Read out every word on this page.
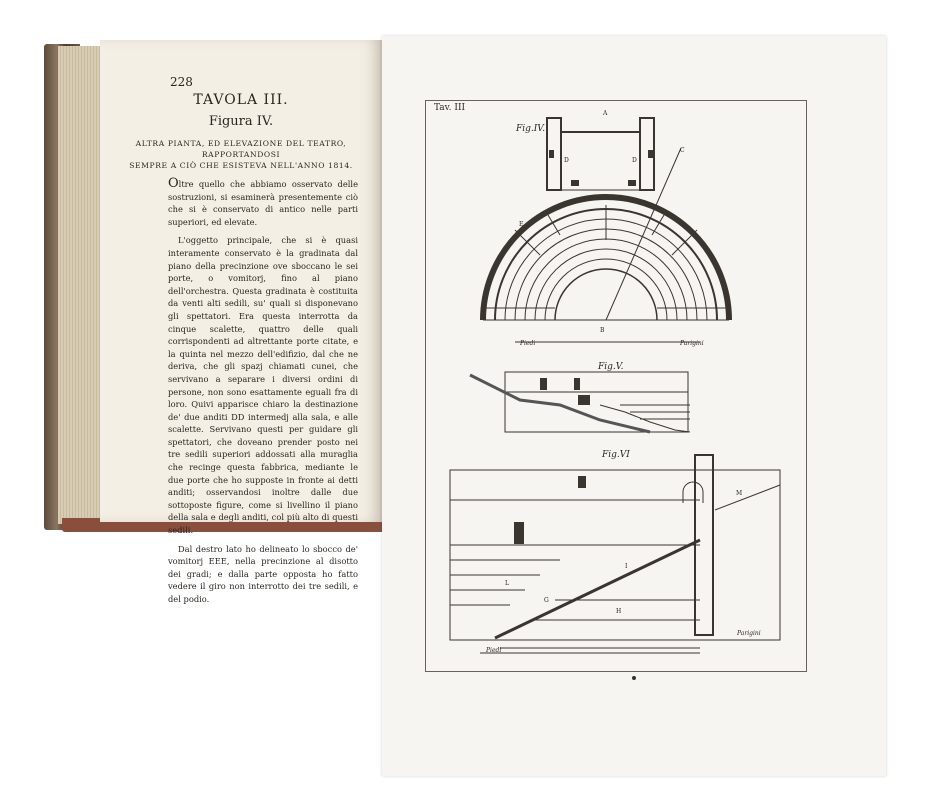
228
TAVOLA III.
Figura IV.
ALTRA PIANTA, ED ELEVAZIONE DEL TEATRO, RAPPORTANDOSI
SEMPRE A CIÒ CHE ESISTEVA NELL'ANNO 1814.

Oltre quello che abbiamo osservato delle sostruzioni, si esaminerà presentemente ciò che si è conservato di antico nelle parti superiori, ed elevate.

L'oggetto principale, che si è quasi interamente conservato è la gradinata dal piano della precinzione ove sboccano le sei porte, o vomitorj, fino al piano dell'orchestra. Questa gradinata è costituita da venti alti sedili, su' quali si disponevano gli spettatori. Era questa interrotta da cinque scalette, quattro delle quali corrispondenti ad altrettante porte citate, e la quinta nel mezzo dell'edifizio, dal che ne deriva, che gli spazj chiamati cunei, che servivano a separare i diversi ordini di persone, non sono esattamente eguali fra di loro. Quivi apparisce chiaro la destinazione de' due anditi DD intermedj alla sala, e alle scalette. Servivano questi per guidare gli spettatori, che doveano prender posto nei tre sedili superiori addossati alla muraglia che recinge questa fabbrica, mediante le due porte che ho supposte in fronte ai detti anditi; osservandosi inoltre dalle due sottoposte figure, come si livellino il piano della sala e degli anditi, col più alto di questi sedili.

Dal destro lato ho delineato lo sbocco de' vomitorj EEE, nella precinzione al disotto dei gradi; e dalla parte opposta ho fatto vedere il giro non interrotto dei tre sedili, e del podio.

Tav. III
Fig.IV.
Fig.V.
Fig.VI
A
B
C
D	D
E
M
L
I
H
G
Piedi	Parigini
Piedi
Parigini
